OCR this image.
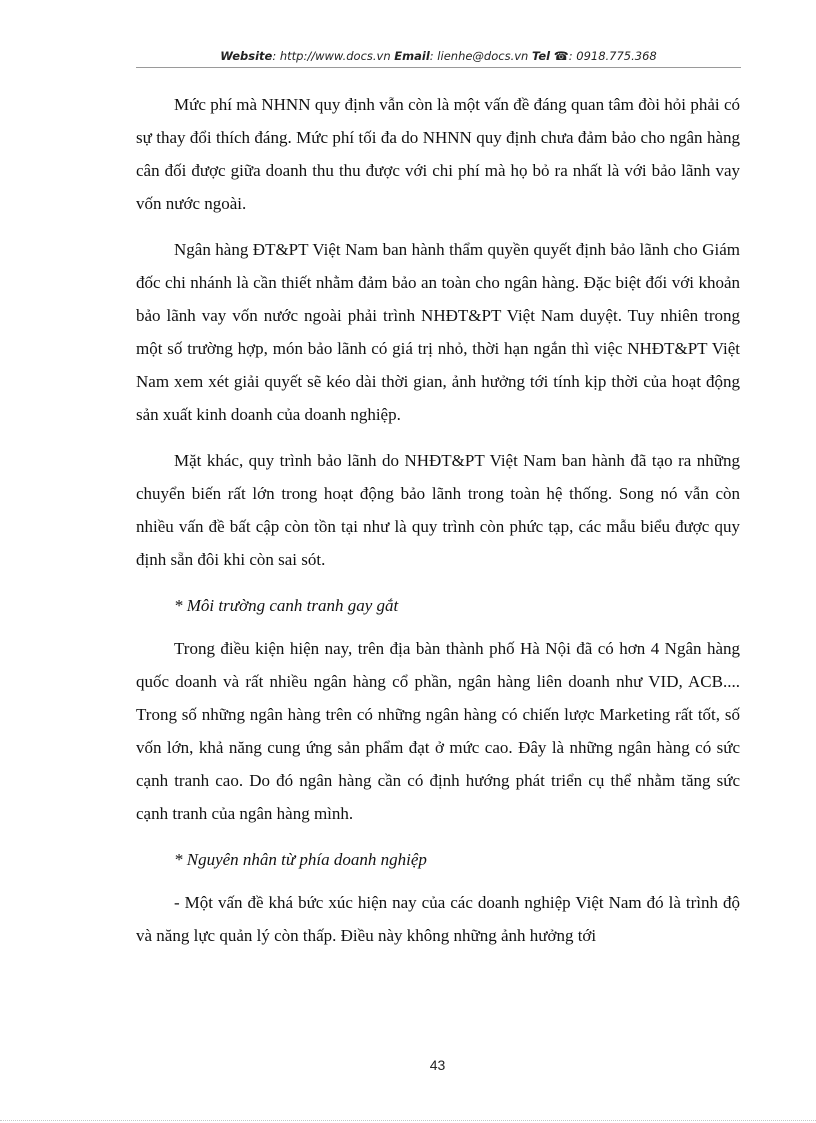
Website: http://www.docs.vn Email: lienhe@docs.vn Tel ☎: 0918.775.368

Mức phí mà NHNN quy định vẫn còn là một vấn đề đáng quan tâm đòi hỏi phải có sự thay đổi thích đáng. Mức phí tối đa do NHNN quy định chưa đảm bảo cho ngân hàng cân đối được giữa doanh thu thu được với chi phí mà họ bỏ ra nhất là với bảo lãnh vay vốn nước ngoài.

Ngân hàng ĐT&PT Việt Nam ban hành thẩm quyền quyết định bảo lãnh cho Giám đốc chi nhánh là cần thiết nhằm đảm bảo an toàn cho ngân hàng. Đặc biệt đối với khoản bảo lãnh vay vốn nước ngoài phải trình NHĐT&PT Việt Nam duyệt. Tuy nhiên trong một số trường hợp, món bảo lãnh có giá trị nhỏ, thời hạn ngắn thì việc NHĐT&PT Việt Nam xem xét giải quyết sẽ kéo dài thời gian, ảnh hưởng tới tính kịp thời của hoạt động sản xuất kinh doanh của doanh nghiệp.

Mặt khác, quy trình bảo lãnh do NHĐT&PT Việt Nam ban hành đã tạo ra những chuyển biến rất lớn trong hoạt động bảo lãnh trong toàn hệ thống. Song nó vẫn còn nhiều vấn đề bất cập còn tồn tại như là quy trình còn phức tạp, các mẫu biểu được quy định sẵn đôi khi còn sai sót.

* Môi trường canh tranh gay gắt

Trong điều kiện hiện nay, trên địa bàn thành phố Hà Nội đã có hơn 4 Ngân hàng quốc doanh và rất nhiều ngân hàng cổ phần, ngân hàng liên doanh như VID, ACB.... Trong số những ngân hàng trên có những ngân hàng có chiến lược Marketing rất tốt, số vốn lớn, khả năng cung ứng sản phẩm đạt ở mức cao. Đây là những ngân hàng có sức cạnh tranh cao. Do đó ngân hàng cần có định hướng phát triển cụ thể nhằm tăng sức cạnh tranh của ngân hàng mình.

* Nguyên nhân từ phía doanh nghiệp

- Một vấn đề khá bức xúc hiện nay của các doanh nghiệp Việt Nam đó là trình độ và năng lực quản lý còn thấp. Điều này không những ảnh hưởng tới

43
